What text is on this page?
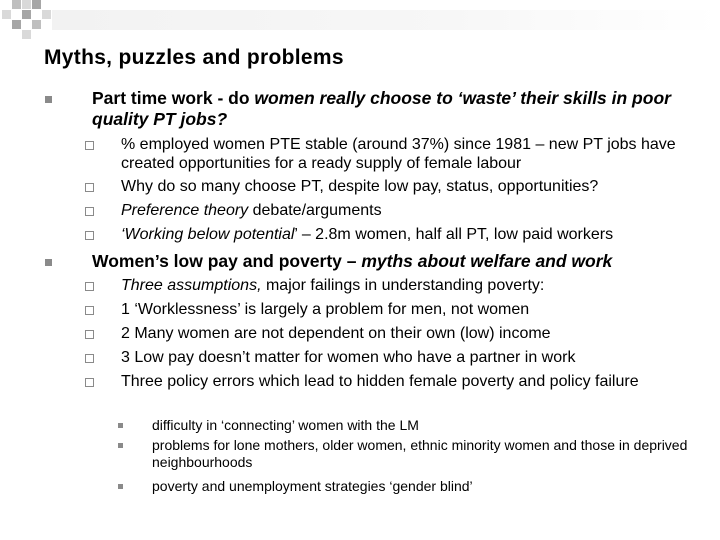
Myths, puzzles and problems
Part time work - do women really choose to ‘waste’ their skills in poor quality PT jobs?
% employed women PTE stable (around 37%) since 1981 – new PT jobs have created opportunities for a ready supply of female labour
Why do so many choose PT, despite low pay, status, opportunities?
Preference theory debate/arguments
‘Working below potential’ – 2.8m women, half all PT, low paid workers
Women’s low pay and poverty – myths about welfare and work
Three assumptions, major failings in understanding poverty:
1 ‘Worklessness’ is largely a problem for men, not women
2 Many women are not dependent on their own (low) income
3 Low pay doesn’t matter for women who have a partner in work
Three policy errors which lead to hidden female poverty and policy failure
difficulty in ‘connecting’ women with the LM
problems for lone mothers, older women, ethnic minority women and those in deprived neighbourhoods
poverty and unemployment strategies ‘gender blind’
